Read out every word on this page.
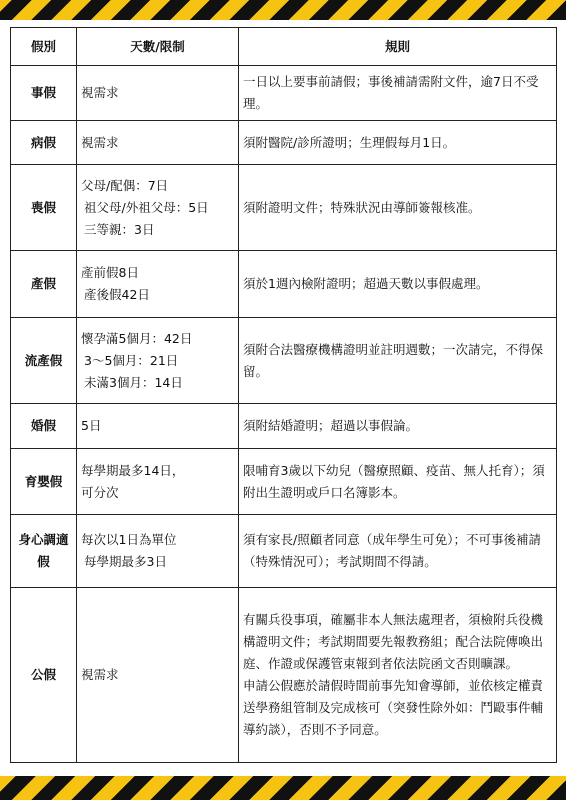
假別	天數/限制	規則
事假	視需求	一日以上要事前請假；事後補請需附文件，逾7日不受理。

病假	視需求	須附醫院/診所證明；生理假每月1日。

喪假	父母/配偶：7日
祖父母/外祖父母：5日
三等親：3日	須附證明文件；特殊狀況由導師簽報核准。

產假	產前假8日
產後假42日	須於1週內檢附證明；超過天數以事假處理。

流產假	懷孕滿5個月：42日
3～5個月：21日
未滿3個月：14日	須附合法醫療機構證明並註明週數；一次請完，不得保留。

婚假	5日	須附結婚證明；超過以事假論。

育嬰假	每學期最多14日，
可分次	限哺育3歲以下幼兒（醫療照顧、疫苗、無人托育）；須附出生證明或戶口名簿影本。

身心調適假	每次以1日為單位
每學期最多3日	須有家長/照顧者同意（成年學生可免）；不可事後補請（特殊情況可）；考試期間不得請。

公假	視需求	有關兵役事項，確屬非本人無法處理者，須檢附兵役機構證明文件；考試期間要先報教務組；配合法院傳喚出庭、作證或保護管束報到者依法院函文否則曠課。
申請公假應於請假時間前事先知會導師，並依核定權責送學務組管制及完成核可（突發性除外如：鬥毆事件輔導約談），否則不予同意。
